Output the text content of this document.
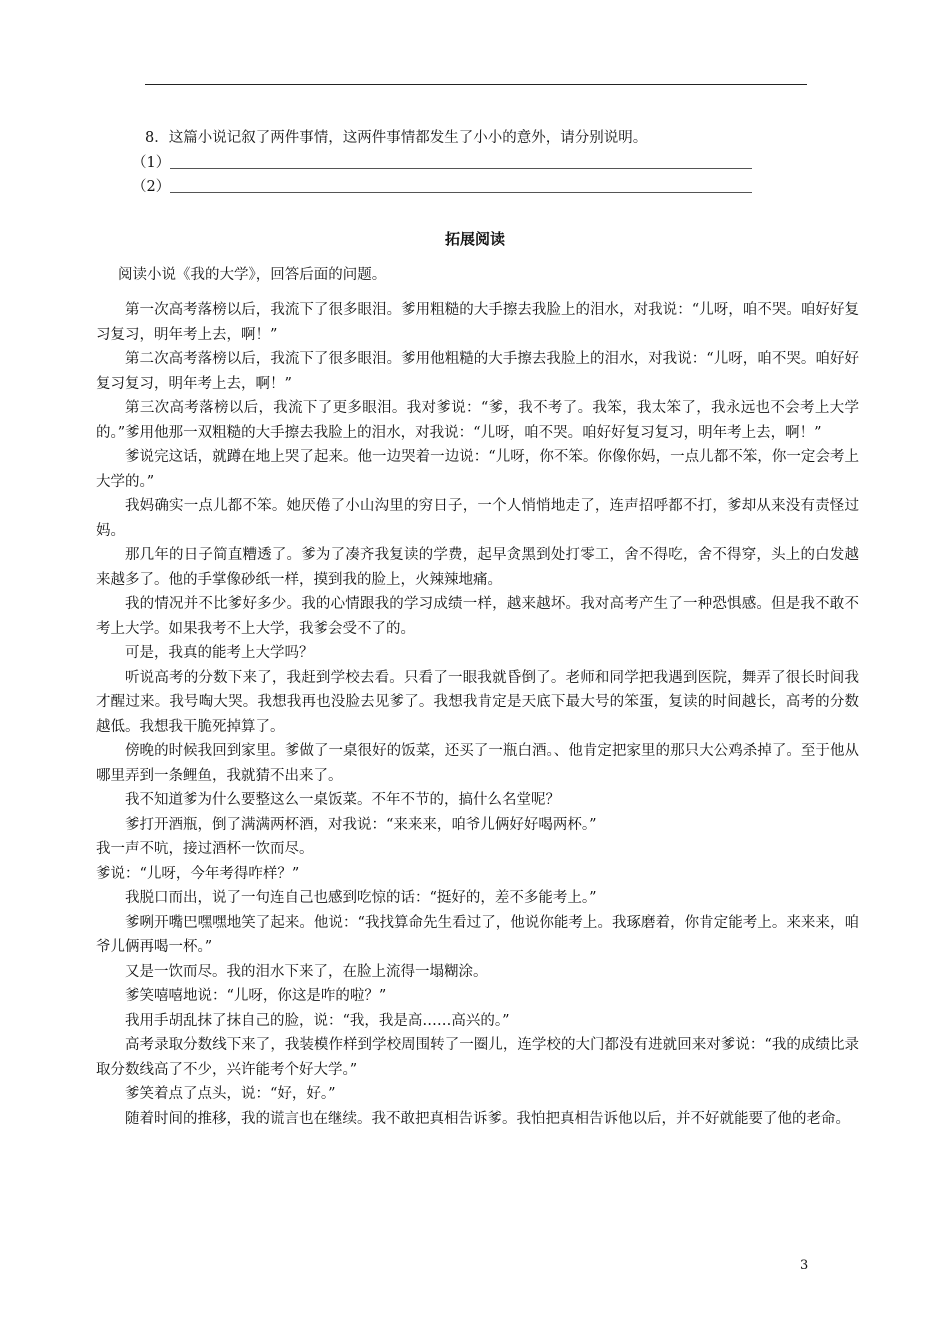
8．这篇小说记叙了两件事情，这两件事情都发生了小小的意外，请分别说明。
（1）
（2）
拓展阅读
阅读小说《我的大学》，回答后面的问题。

第一次高考落榜以后，我流下了很多眼泪。爹用粗糙的大手擦去我脸上的泪水，对我说：“儿呀，咱不哭。咱好好复习复习，明年考上去，啊！”

第二次高考落榜以后，我流下了很多眼泪。爹用他粗糙的大手擦去我脸上的泪水，对我说：“儿呀，咱不哭。咱好好复习复习，明年考上去，啊！”

第三次高考落榜以后，我流下了更多眼泪。我对爹说：“爹，我不考了。我笨，我太笨了，我永远也不会考上大学的。”爹用他那一双粗糙的大手擦去我脸上的泪水，对我说：“儿呀，咱不哭。咱好好复习复习，明年考上去，啊！”

爹说完这话，就蹲在地上哭了起来。他一边哭着一边说：“儿呀，你不笨。你像你妈，一点儿都不笨，你一定会考上大学的。”

我妈确实一点儿都不笨。她厌倦了小山沟里的穷日子，一个人悄悄地走了，连声招呼都不打，爹却从来没有责怪过妈。

那几年的日子简直糟透了。爹为了凑齐我复读的学费，起早贪黑到处打零工，舍不得吃，舍不得穿，头上的白发越来越多了。他的手掌像砂纸一样，摸到我的脸上，火辣辣地痛。

我的情况并不比爹好多少。我的心情跟我的学习成绩一样，越来越坏。我对高考产生了一种恐惧感。但是我不敢不考上大学。如果我考不上大学，我爹会受不了的。

可是，我真的能考上大学吗？

听说高考的分数下来了，我赶到学校去看。只看了一眼我就昏倒了。老师和同学把我遇到医院，舞弄了很长时间我才醒过来。我号啕大哭。我想我再也没脸去见爹了。我想我肯定是天底下最大号的笨蛋，复读的时间越长，高考的分数越低。我想我干脆死掉算了。

傍晚的时候我回到家里。爹做了一桌很好的饭菜，还买了一瓶白酒。、他肯定把家里的那只大公鸡杀掉了。至于他从哪里弄到一条鲤鱼，我就猜不出来了。

我不知道爹为什么要整这么一桌饭菜。不年不节的，搞什么名堂呢？

爹打开酒瓶，倒了满满两杯酒，对我说：“来来来，咱爷儿俩好好喝两杯。”

我一声不吭，接过酒杯一饮而尽。

爹说：“儿呀，今年考得咋样？”

我脱口而出，说了一句连自己也感到吃惊的话：“挺好的，差不多能考上。”

爹咧开嘴巴嘿嘿地笑了起来。他说：“我找算命先生看过了，他说你能考上。我琢磨着，你肯定能考上。来来来，咱爷儿俩再喝一杯。”

又是一饮而尽。我的泪水下来了，在脸上流得一塌糊涂。

爹笑嘻嘻地说：“儿呀，你这是咋的啦？”

我用手胡乱抹了抹自己的脸，说：“我，我是高……高兴的。”

高考录取分数线下来了，我装模作样到学校周围转了一圈儿，连学校的大门都没有进就回来对爹说：“我的成绩比录取分数线高了不少，兴许能考个好大学。”

爹笑着点了点头，说：“好，好。”

随着时间的推移，我的谎言也在继续。我不敢把真相告诉爹。我怕把真相告诉他以后，并不好就能要了他的老命。

3
